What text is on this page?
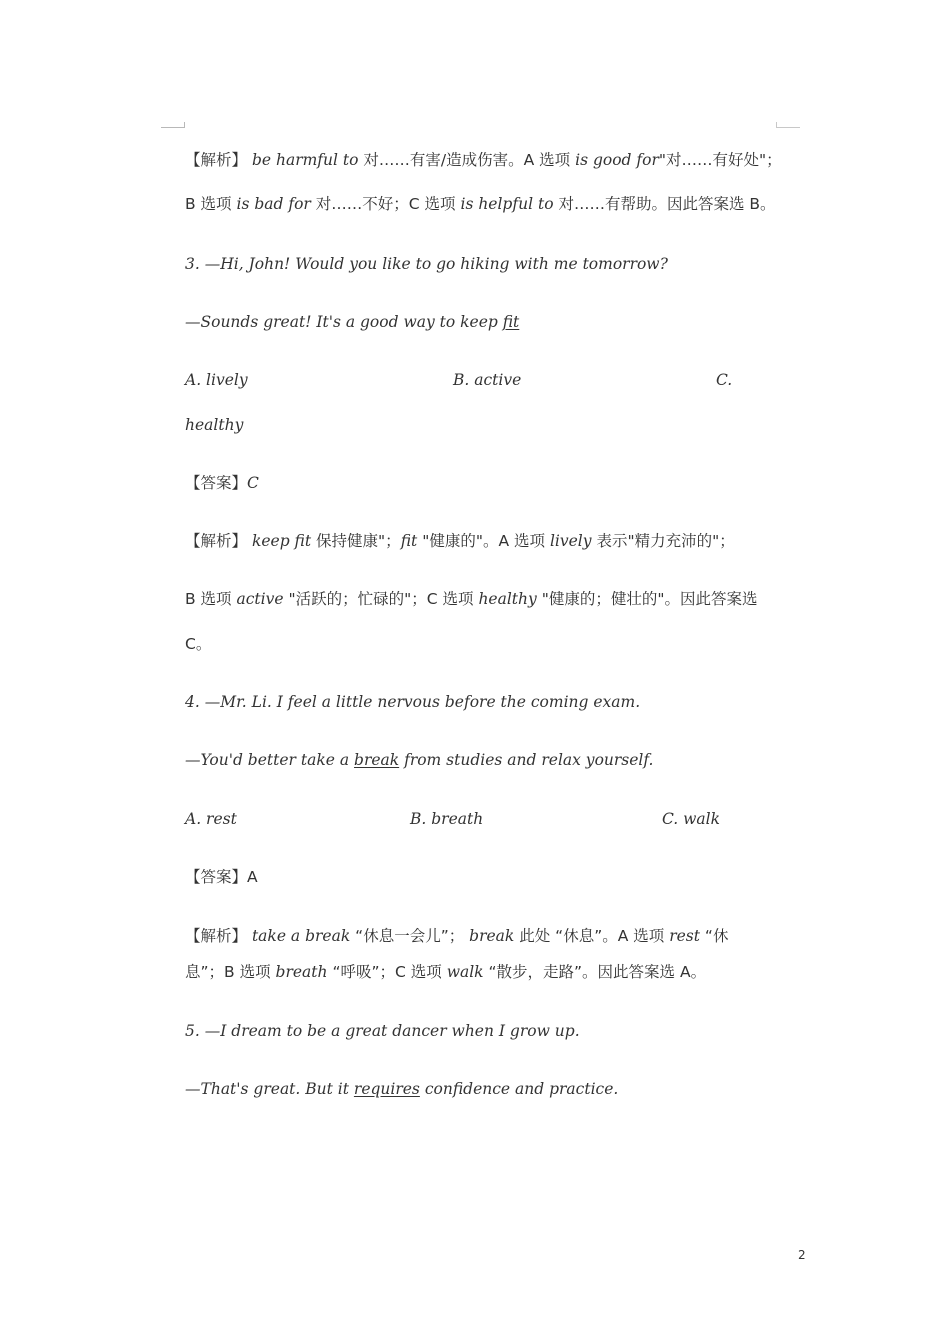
【解析】 be harmful to 对……有害/造成伤害。A 选项 is good for"对……有好处"；
B 选项 is bad for 对……不好；C 选项 is helpful to 对……有帮助。因此答案选 B。
3. —Hi, John! Would you like to go hiking with me tomorrow?
—Sounds great! It's a good way to keep fit
A. lively	B. active	C.
healthy
【答案】C
【解析】 keep fit 保持健康"；fit "健康的"。A 选项 lively 表示"精力充沛的"；
B 选项 active "活跃的；忙碌的"；C 选项 healthy "健康的；健壮的"。因此答案选
C。
4. —Mr. Li. I feel a little nervous before the coming exam.
—You'd better take a break from studies and relax yourself.
A. rest	B. breath	C. walk
【答案】A
【解析】 take a break “休息一会儿”； break 此处 “休息”。A 选项 rest “休
息”；B 选项 breath “呼吸”；C 选项 walk “散步，走路”。因此答案选 A。
5. —I dream to be a great dancer when I grow up.
—That's great. But it requires confidence and practice.
2
